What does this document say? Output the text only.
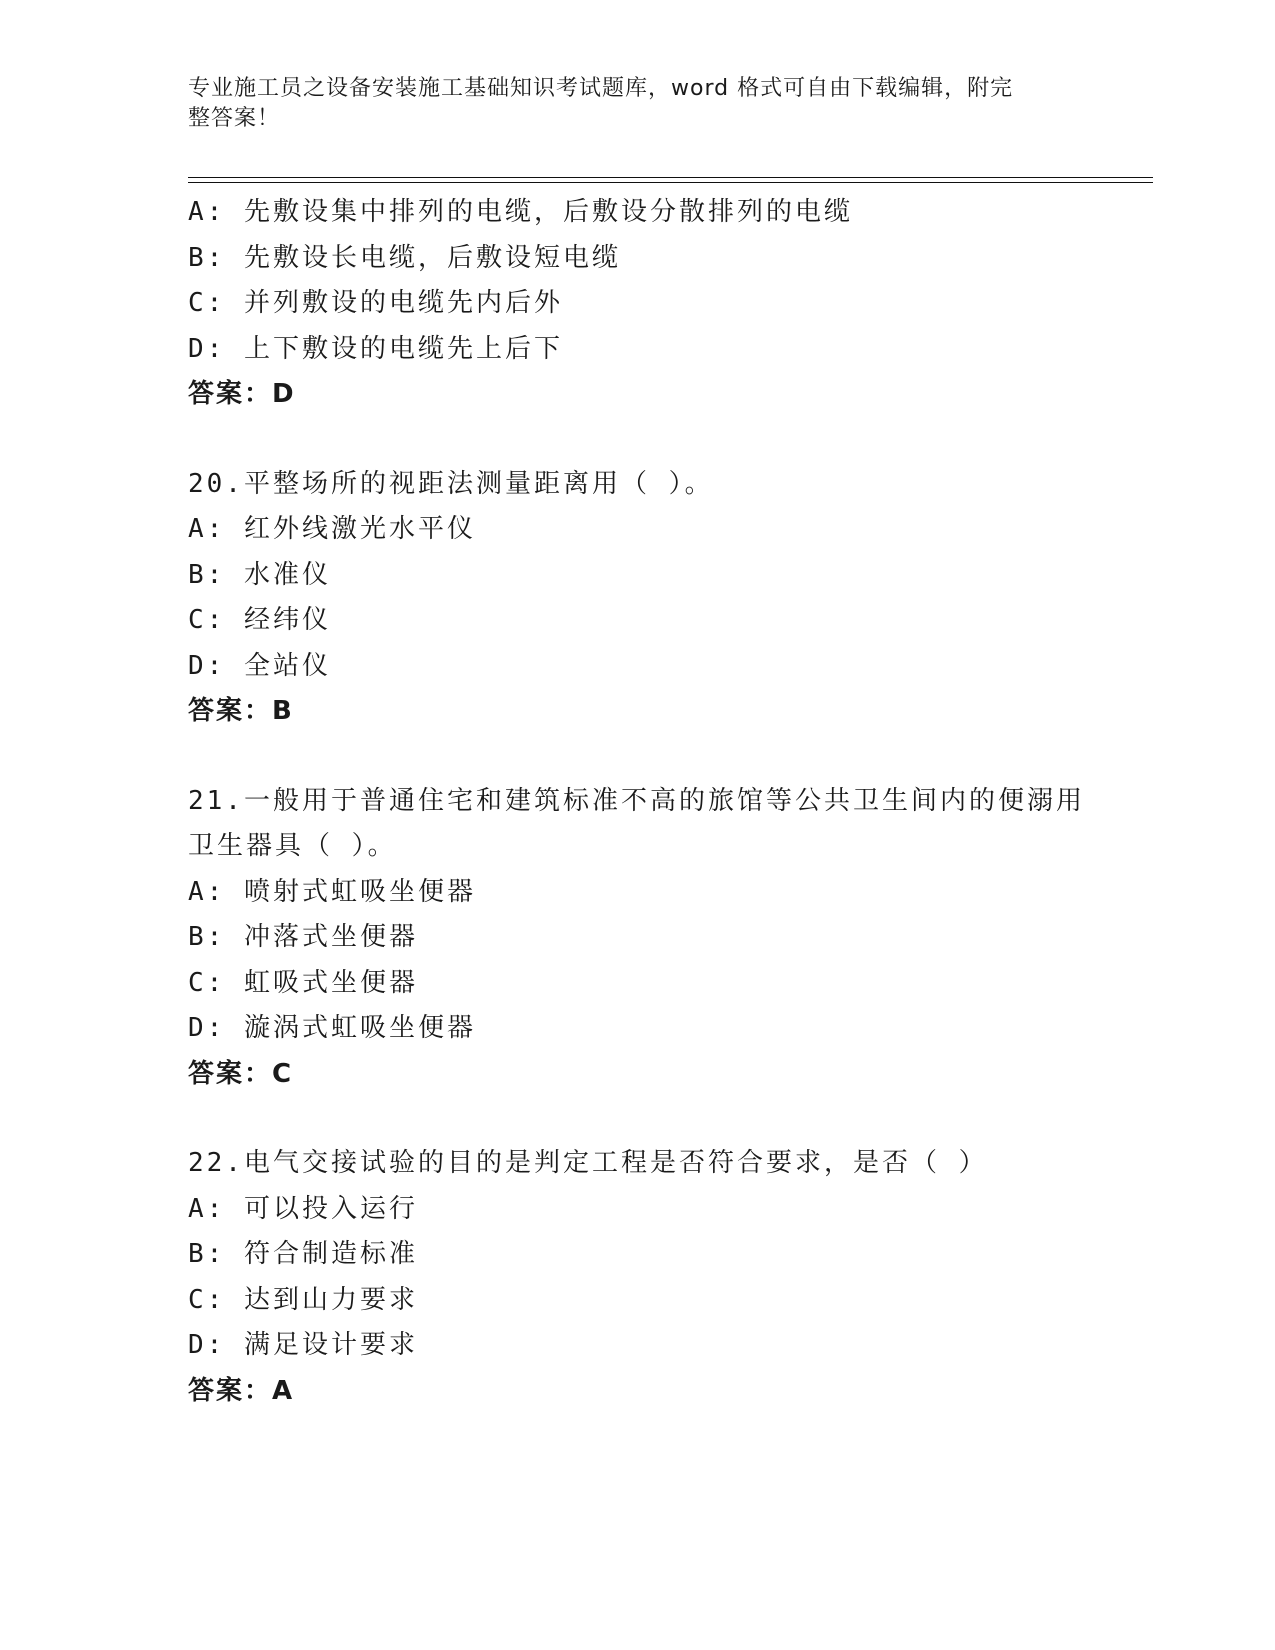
专业施工员之设备安装施工基础知识考试题库，word 格式可自由下载编辑，附完
整答案！
A: 先敷设集中排列的电缆，后敷设分散排列的电缆
B: 先敷设长电缆，后敷设短电缆
C: 并列敷设的电缆先内后外
D: 上下敷设的电缆先上后下
答案：D
20.平整场所的视距法测量距离用（ ）。
A: 红外线激光水平仪
B: 水准仪
C: 经纬仪
D: 全站仪
答案：B
21.一般用于普通住宅和建筑标准不高的旅馆等公共卫生间内的便溺用
卫生器具（ ）。
A: 喷射式虹吸坐便器
B: 冲落式坐便器
C: 虹吸式坐便器
D: 漩涡式虹吸坐便器
答案：C
22.电气交接试验的目的是判定工程是否符合要求，是否（ ）
A: 可以投入运行
B: 符合制造标准
C: 达到山力要求
D: 满足设计要求
答案：A
